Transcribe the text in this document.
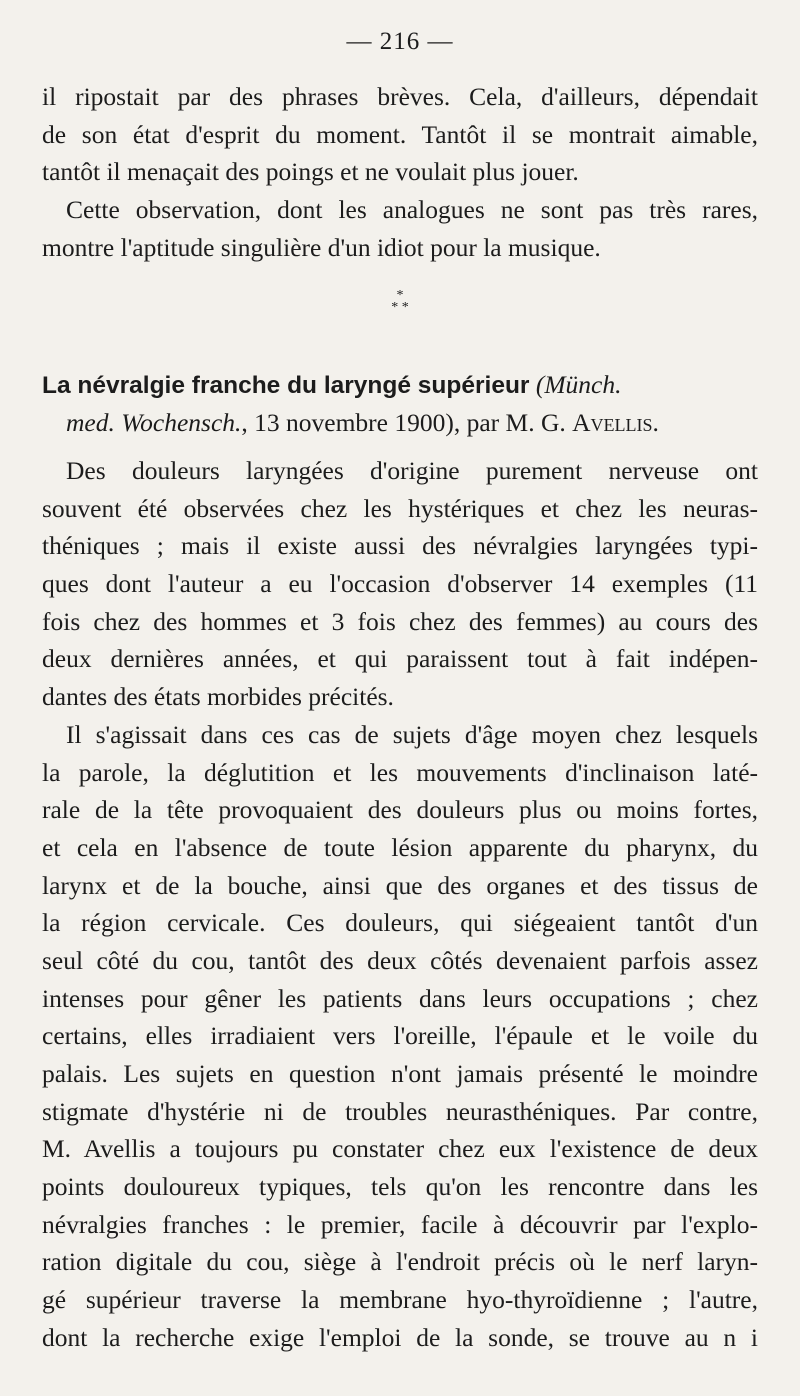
— 216 —
il ripostait par des phrases brèves. Cela, d'ailleurs, dépendait
de son état d'esprit du moment. Tantôt il se montrait aimable,
tantôt il menaçait des poings et ne voulait plus jouer.
Cette observation, dont les analogues ne sont pas très rares,
montre l'aptitude singulière d'un idiot pour la musique.
*
* *
La névralgie franche du laryngé supérieur (Münch.
med. Wochensch., 13 novembre 1900), par M. G. Avellis.
Des douleurs laryngées d'origine purement nerveuse ont
souvent été observées chez les hystériques et chez les neuras-
théniques ; mais il existe aussi des névralgies laryngées typi-
ques dont l'auteur a eu l'occasion d'observer 14 exemples (11
fois chez des hommes et 3 fois chez des femmes) au cours des
deux dernières années, et qui paraissent tout à fait indépen-
dantes des états morbides précités.
Il s'agissait dans ces cas de sujets d'âge moyen chez lesquels
la parole, la déglutition et les mouvements d'inclinaison laté-
rale de la tête provoquaient des douleurs plus ou moins fortes,
et cela en l'absence de toute lésion apparente du pharynx, du
larynx et de la bouche, ainsi que des organes et des tissus de
la région cervicale. Ces douleurs, qui siégeaient tantôt d'un
seul côté du cou, tantôt des deux côtés devenaient parfois assez
intenses pour gêner les patients dans leurs occupations ; chez
certains, elles irradiaient vers l'oreille, l'épaule et le voile du
palais. Les sujets en question n'ont jamais présenté le moindre
stigmate d'hystérie ni de troubles neurasthéniques. Par contre,
M. Avellis a toujours pu constater chez eux l'existence de deux
points douloureux typiques, tels qu'on les rencontre dans les
névralgies franches : le premier, facile à découvrir par l'explo-
ration digitale du cou, siège à l'endroit précis où le nerf laryn-
gé supérieur traverse la membrane hyo-thyroïdienne ; l'autre,
dont la recherche exige l'emploi de la sonde, se trouve au n i
